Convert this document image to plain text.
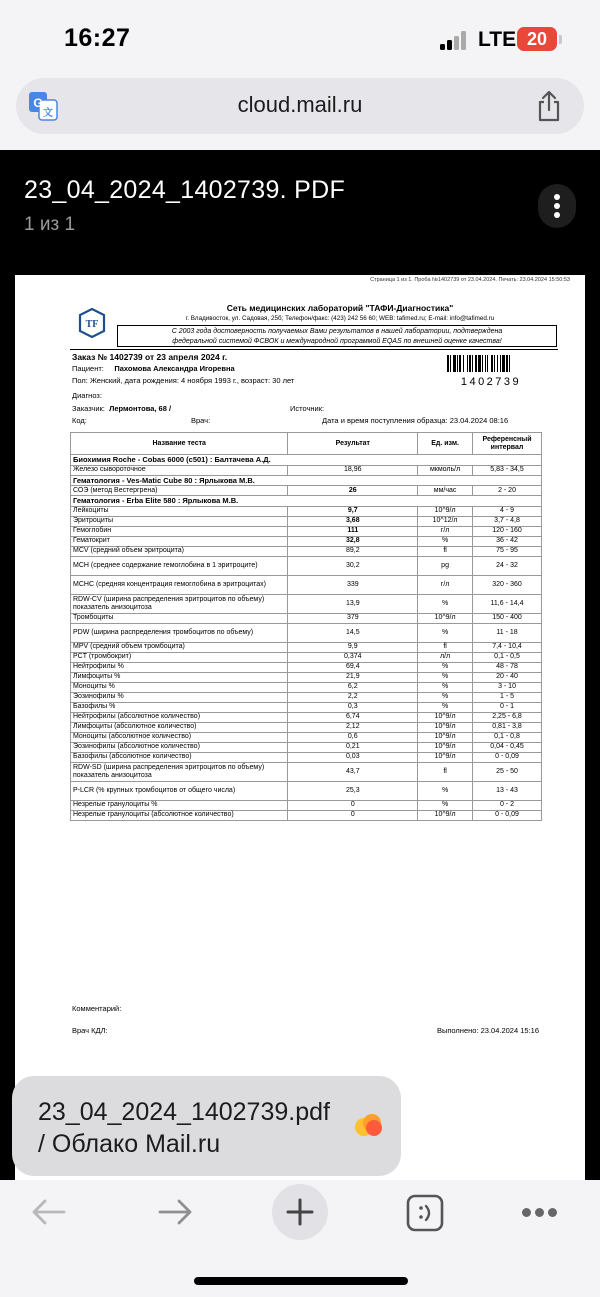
16:27	LTE 20
G
文	cloud.mail.ru
23_04_2024_1402739. PDF
1 из 1
Страница 1 из 1. Проба №1402739 от 23.04.2024. Печать: 23.04.2024 15:50:53
TF
Сеть медицинских лабораторий "ТАФИ-Диагностика"
г. Владивосток, ул. Садовая, 25б; Телефон/факс: (423) 242 56 60; WEB: tafimed.ru; E-mail: info@tafimed.ru
С 2003 года достоверность получаемых Вами результатов в нашей лаборатории, подтверждена
федеральной системой ФСВОК и международной программой EQAS по внешней оценке качества!
Заказ № 1402739 от 23 апреля 2024 г.
Пациент: Пахомова Александра Игоревна
Пол: Женский, дата рождения: 4 ноября 1993 г., возраст: 30 лет	1402739
Диагноз:
Заказчик: Лермонтова, 68 /	Источник:
Код:	Врач:	Дата и время поступления образца: 23.04.2024 08:16
Название теста	Результат	Ед. изм.	Референсный интервал
Биохимия Roche - Cobas 6000 (c501) : Балтачева А.Д.			
Железо сывороточное	18,96	мкмоль/л	5,83 - 34,5
Гематология - Ves-Matic Cube 80 : Ярлыкова М.В.			
СОЭ (метод Вестергрена)	26	мм/час	2 - 20
Гематология - Erba Elite 580 : Ярлыкова М.В.			
Лейкоциты	9,7	10^9/л	4 - 9
Эритроциты	3,68	10^12/л	3,7 - 4,8
Гемоглобин	111	г/л	120 - 160
Гематокрит	32,8	%	36 - 42
MCV (средний объем эритроцита)	89,2	fl	75 - 95
MCH (среднее содержание гемоглобина в 1 эритроците)	30,2	pg	24 - 32
MCHC (средняя концентрация гемоглобина в эритроцитах)	339	г/л	320 - 360
RDW-CV (ширина распределения эритроцитов по объему) показатель анизоцитоза	13,9	%	11,6 - 14,4
Тромбоциты	379	10^9/л	150 - 400
PDW (ширина распределения тромбоцитов по объему)	14,5	%	11 - 18
MPV (средний объем тромбоцита)	9,9	fl	7,4 - 10,4
PCT (тромбокрит)	0,374	л/л	0,1 - 0,5
Нейтрофилы %	69,4	%	48 - 78
Лимфоциты %	21,9	%	20 - 40
Моноциты %	6,2	%	3 - 10
Эозинофилы %	2,2	%	1 - 5
Базофилы %	0,3	%	0 - 1
Нейтрофилы (абсолютное количество)	6,74	10^9/л	2,25 - 6,8
Лимфоциты (абсолютное количество)	2,12	10^9/л	0,81 - 3,8
Моноциты (абсолютное количество)	0,6	10^9/л	0,1 - 0,8
Эозинофилы (абсолютное количество)	0,21	10^9/л	0,04 - 0,45
Базофилы (абсолютное количество)	0,03	10^9/л	0 - 0,09
RDW-SD (ширина распределения эритроцитов по объему) показатель анизоцитоза	43,7	fl	25 - 50
P-LCR (% крупных тромбоцитов от общего числа)	25,3	%	13 - 43
Незрелые гранулоциты %	0	%	0 - 2
Незрелые гранулоциты (абсолютное количество)	0	10^9/л	0 - 0,09
Комментарий:
Врач КДЛ:	Выполнено: 23.04.2024 15:16
23_04_2024_1402739.pdf / Облако Mail.ru
